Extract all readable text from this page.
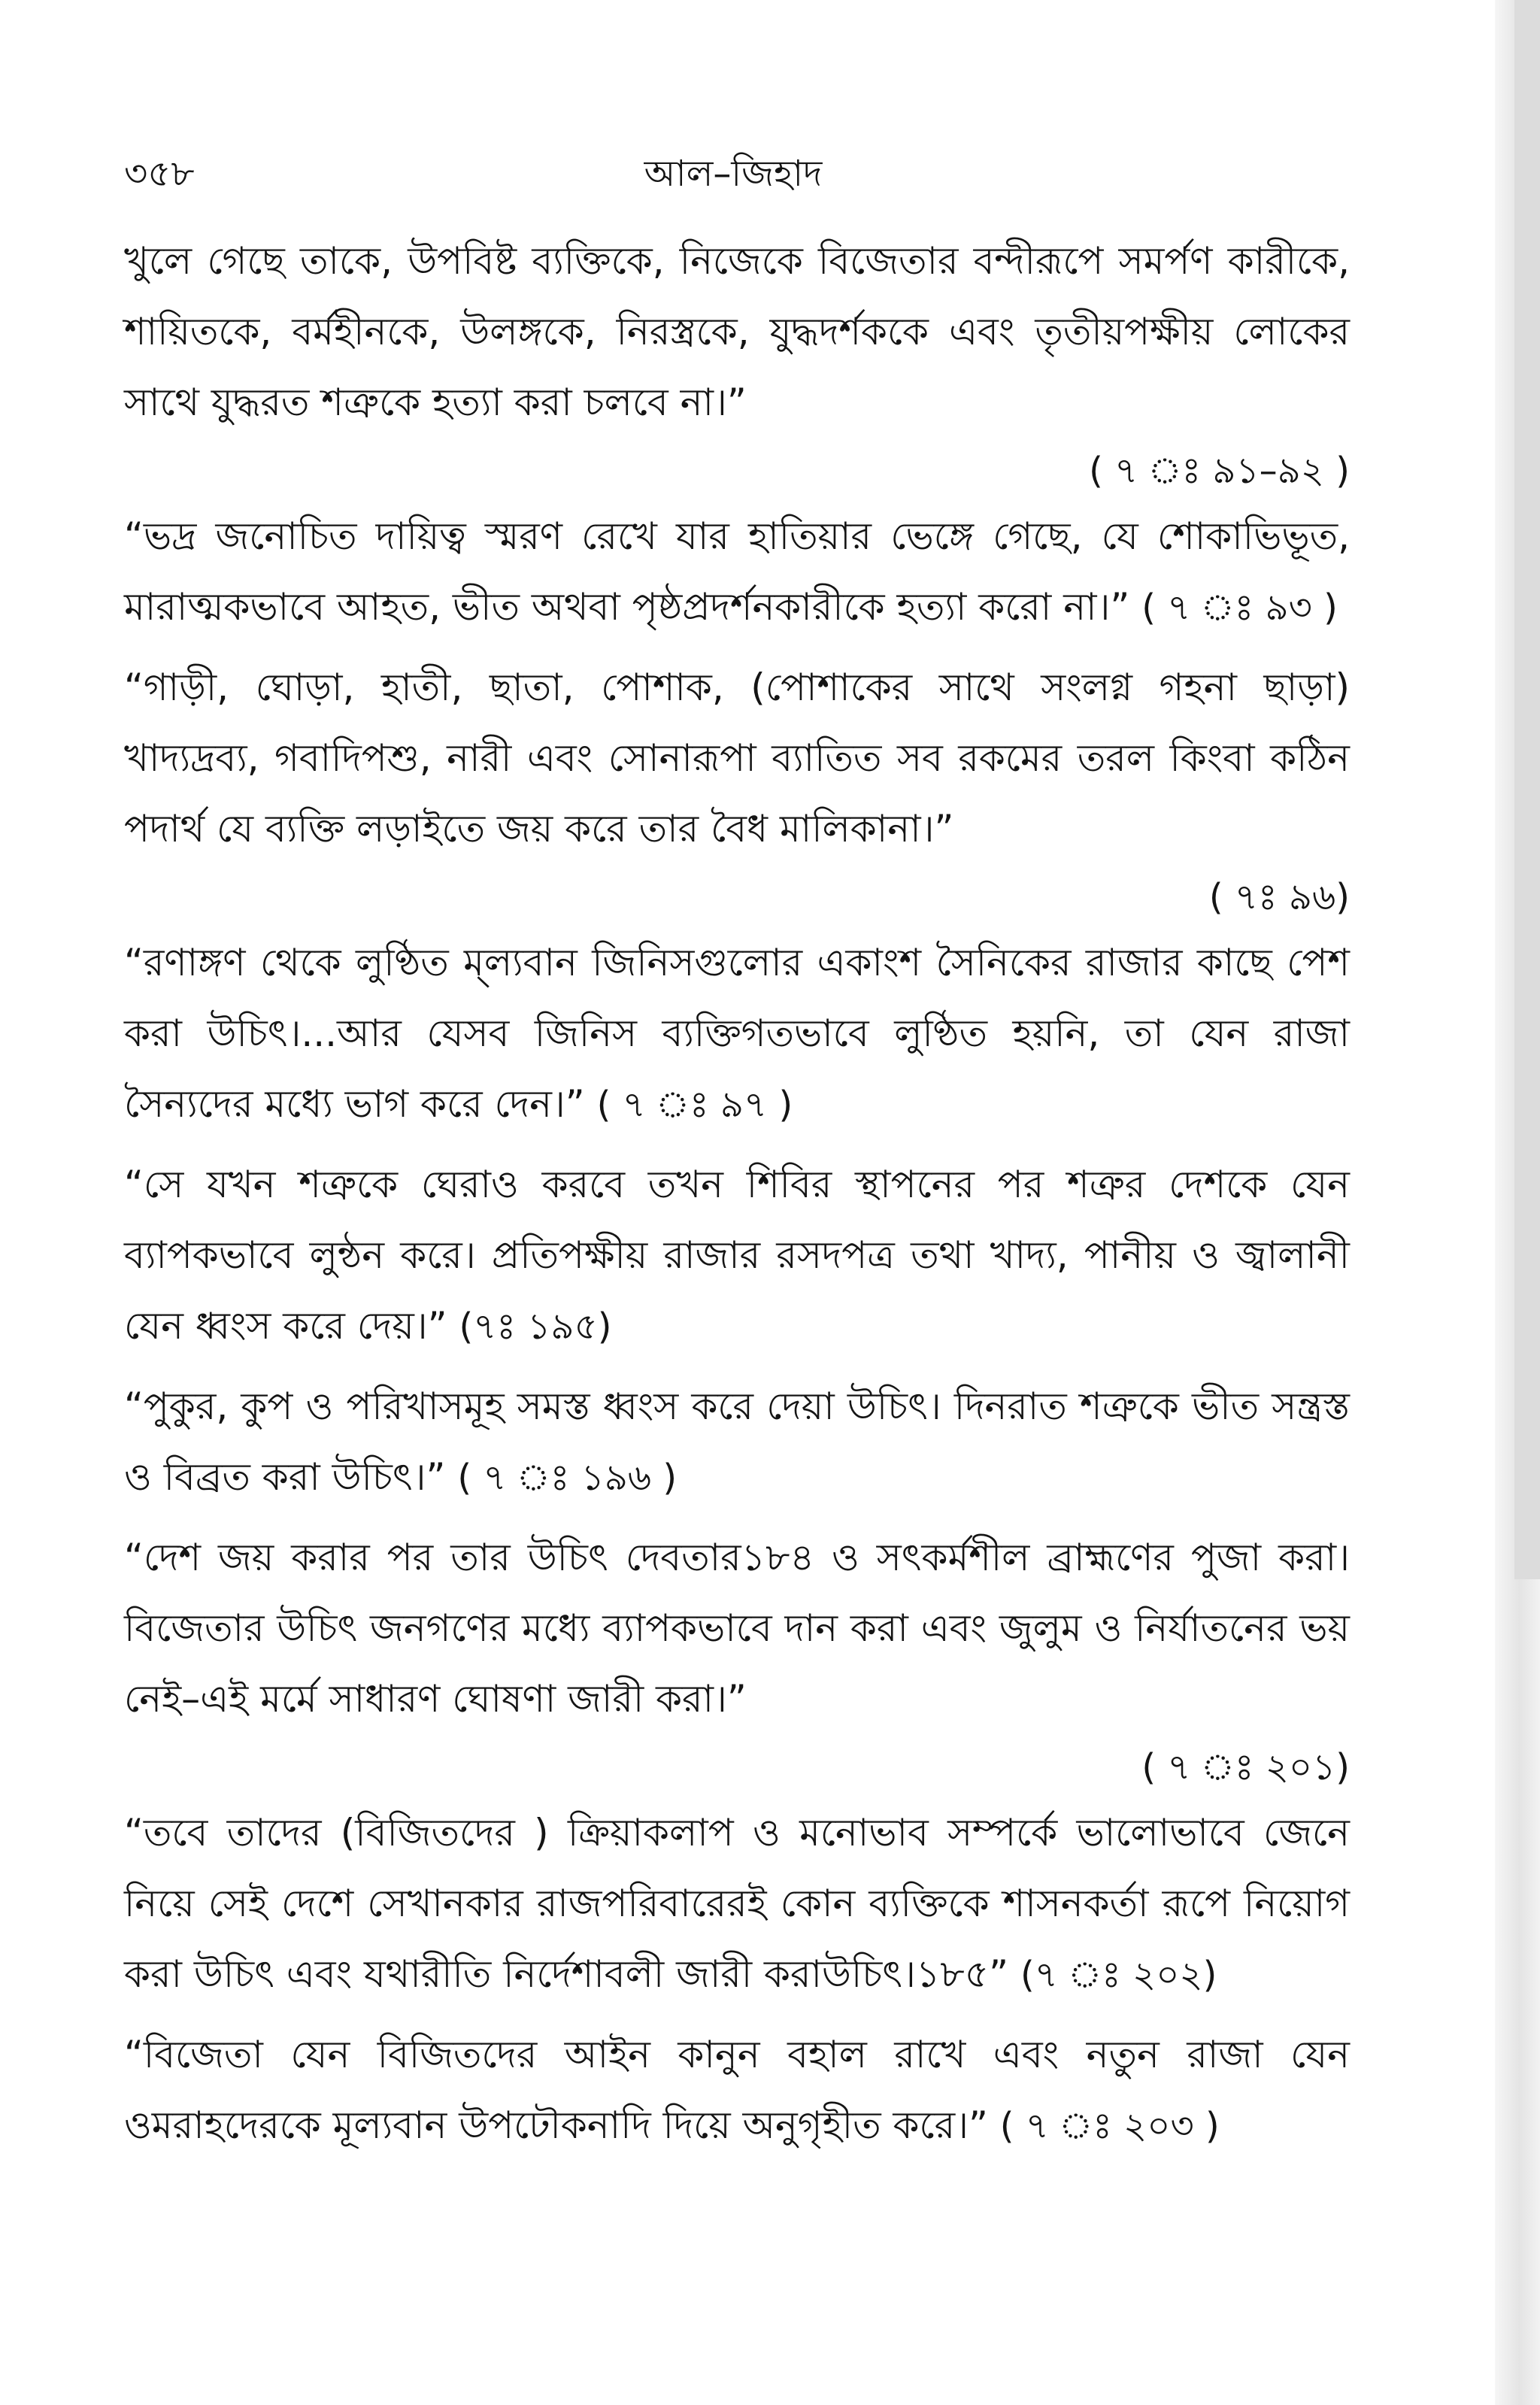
৩৫৮	আল–জিহাদ

খুলে গেছে তাকে, উপবিষ্ট ব্যক্তিকে, নিজেকে বিজেতার বন্দীরূপে সমর্পণ কারীকে, শায়িতকে, বর্মহীনকে, উলঙ্গকে, নিরস্ত্রকে, যুদ্ধদর্শককে এবং তৃতীয়পক্ষীয় লোকের সাথে যুদ্ধরত শত্রুকে হত্যা করা চলবে না।”

( ৭ ঃ ৯১–৯২ )

“ভদ্র জনোচিত দায়িত্ব স্মরণ রেখে যার হাতিয়ার ভেঙ্গে গেছে, যে শোকাভিভূত, মারাত্মকভাবে আহত, ভীত অথবা পৃষ্ঠপ্রদর্শনকারীকে হত্যা করো না।” ( ৭ ঃ ৯৩ )

“গাড়ী, ঘোড়া, হাতী, ছাতা, পোশাক, (পোশাকের সাথে সংলগ্ন গহনা ছাড়া) খাদ্যদ্রব্য, গবাদিপশু, নারী এবং সোনারূপা ব্যাতিত সব রকমের তরল কিংবা কঠিন পদার্থ যে ব্যক্তি লড়াইতে জয় করে তার বৈধ মালিকানা।”

( ৭ঃ ৯৬)

“রণাঙ্গণ থেকে লুণ্ঠিত ম্‌ল্যবান জিনিসগুলোর একাংশ সৈনিকের রাজার কাছে পেশ করা উচিৎ।...আর যেসব জিনিস ব্যক্তিগতভাবে লুণ্ঠিত হয়নি, তা যেন রাজা সৈন্যদের মধ্যে ভাগ করে দেন।” ( ৭ ঃ ৯৭ )

“সে যখন শত্রুকে ঘেরাও করবে তখন শিবির স্থাপনের পর শত্রুর দেশকে যেন ব্যাপকভাবে লুন্ঠন করে। প্রতিপক্ষীয় রাজার রসদপত্র তথা খাদ্য, পানীয় ও জ্বালানী যেন ধ্বংস করে দেয়।” (৭ঃ ১৯৫)

“পুকুর, কুপ ও পরিখাসমূহ সমস্ত ধ্বংস করে দেয়া উচিৎ। দিনরাত শত্রুকে ভীত সন্ত্রস্ত ও বিব্রত করা উচিৎ।” ( ৭ ঃ ১৯৬ )

“দেশ জয় করার পর তার উচিৎ দেবতার১৮৪ ও সৎকর্মশীল ব্রাহ্মণের পুজা করা। বিজেতার উচিৎ জনগণের মধ্যে ব্যাপকভাবে দান করা এবং জুলুম ও নির্যাতনের ভয় নেই–এই মর্মে সাধারণ ঘোষণা জারী করা।”

( ৭ ঃ ২০১)

“তবে তাদের (বিজিতদের ) ক্রিয়াকলাপ ও মনোভাব সম্পর্কে ভালোভাবে জেনে নিয়ে সেই দেশে সেখানকার রাজপরিবারেরই কোন ব্যক্তিকে শাসনকর্তা রূপে নিয়োগ করা উচিৎ এবং যথারীতি নির্দেশাবলী জারী করাউচিৎ।১৮৫” (৭ ঃ ২০২)

“বিজেতা যেন বিজিতদের আইন কানুন বহাল রাখে এবং নতুন রাজা যেন ওমরাহদেরকে মূল্যবান উপঢৌকনাদি দিয়ে অনুগৃহীত করে।” ( ৭ ঃ ২০৩ )
